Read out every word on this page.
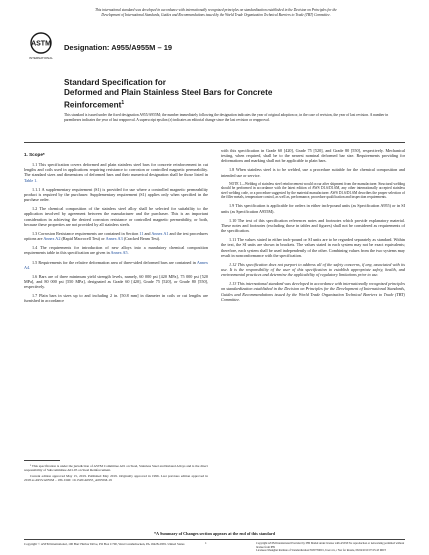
This international standard was developed in accordance with internationally recognized principles on standardization established in the Decision on Principles for the
Development of International Standards, Guides and Recommendations issued by the World Trade Organization Technical Barriers to Trade (TBT) Committee.
ASTM
INTERNATIONAL
Designation: A955/A955M – 19
Standard Specification for
Deformed and Plain Stainless Steel Bars for Concrete
Reinforcement$^1$
This standard is issued under the fixed designation A955/A955M; the number immediately following the designation indicates the year of original adoption or, in the case of revision, the year of last revision. A number in parentheses indicates the year of last reapproval. A superscript epsilon (ε) indicates an editorial change since the last revision or reapproval.
1. Scope*

1.1 This specification covers deformed and plain stainless steel bars for concrete reinforcement in cut lengths and coils used in applications requiring resistance to corrosion or controlled magnetic permeability. The standard sizes and dimensions of deformed bars and their numerical designation shall be those listed in Table 1.

1.1.1 A supplementary requirement (S1) is provided for use where a controlled magnetic permeability product is required by the purchaser. Supplementary requirement (S1) applies only when specified in the purchase order.

1.2 The chemical composition of the stainless steel alloy shall be selected for suitability to the application involved by agreement between the manufacturer and the purchaser. This is an important consideration in achieving the desired corrosion resistance or controlled magnetic permeability, or both, because these properties are not provided by all stainless steels.

1.3 Corrosion Resistance requirements are contained in Section 11 and Annex A1 and the test procedures options are Annex A2 (Rapid Macrocell Test) or Annex A3 (Cracked Beam Test).

1.4 The requirements for introduction of new alloys into a mandatory chemical composition requirements table in this specification are given in Annex A5.

1.5 Requirements for the relative deformation area of three-sided deformed bars are contained in Annex A4.

1.6 Bars are of three minimum yield strength levels, namely, 60 000 psi [420 MPa], 75 000 psi [520 MPa], and 80 000 psi [550 MPa], designated as Grade 60 [420], Grade 75 [520], or Grade 80 [550], respectively.

1.7 Plain bars in sizes up to and including 2 in. [50.8 mm] in diameter in coils or cut lengths are furnished in accordance

¹ This specification is under the jurisdiction of ASTM Committee A01 on Steel, Stainless Steel and Related Alloys and is the direct responsibility of Subcommittee A01.05 on Steel Reinforcement.

Current edition approved May 15, 2019. Published May 2019. Originally approved in 1996. Last previous edition approved in 2018 as A955/A955M – 18b. DOI: 10.1520/A0955_A0955M-19

with this specification in Grade 60 [420], Grade 75 [520], and Grade 80 [550], respectively. Mechanical testing, when required, shall be to the nearest nominal deformed bar size. Requirements providing for deformations and marking shall not be applicable to plain bars.

1.8 When stainless steel is to be welded, use a procedure suitable for the chemical composition and intended use or service.

NOTE 1—Welding of stainless steel reinforcement would occur after shipment from the manufacturer. Structural welding should be performed in accordance with the latest edition of AWS D1.6/D1.6M, any other internationally accepted stainless steel welding code, or a procedure suggested by the material manufacturer. AWS D1.6/D1.6M describes the proper selection of the filler metals, temperature control, as well as, performance, procedure qualification and inspection requirements.

1.9 This specification is applicable for orders in either inch-pound units (as Specification A955) or in SI units (as Specification A955M).

1.10 The text of this specification references notes and footnotes which provide explanatory material. These notes and footnotes (excluding those in tables and figures) shall not be considered as requirements of the specification.

1.11 The values stated in either inch-pound or SI units are to be regarded separately as standard. Within the text, the SI units are shown in brackets. The values stated in each system may not be exact equivalents; therefore, each system shall be used independently of the other. Combining values from the two systems may result in nonconformance with the specification.

1.12 This specification does not purport to address all of the safety concerns, if any, associated with its use. It is the responsibility of the user of this specification to establish appropriate safety, health, and environmental practices and determine the applicability of regulatory limitations prior to use.

1.13 This international standard was developed in accordance with internationally recognized principles on standardization established in the Decision on Principles for the Development of International Standards, Guides and Recommendations issued by the World Trade Organization Technical Barriers to Trade (TBT) Committee.

*A Summary of Changes section appears at the end of this standard
Copyright © ASTM International, 100 Barr Harbor Drive, PO Box C700, West Conshohocken, PA 19428-2959. United States	1	Copyright ASTM International Provided by IHS Markit under license with ASTM No reproduction or networking permitted without license from IHS
Licensee=Shanghai Institute of Standardization/5930739001, User=xx, r Not for Resale, 06/04/2019 07:25:43 MDT
